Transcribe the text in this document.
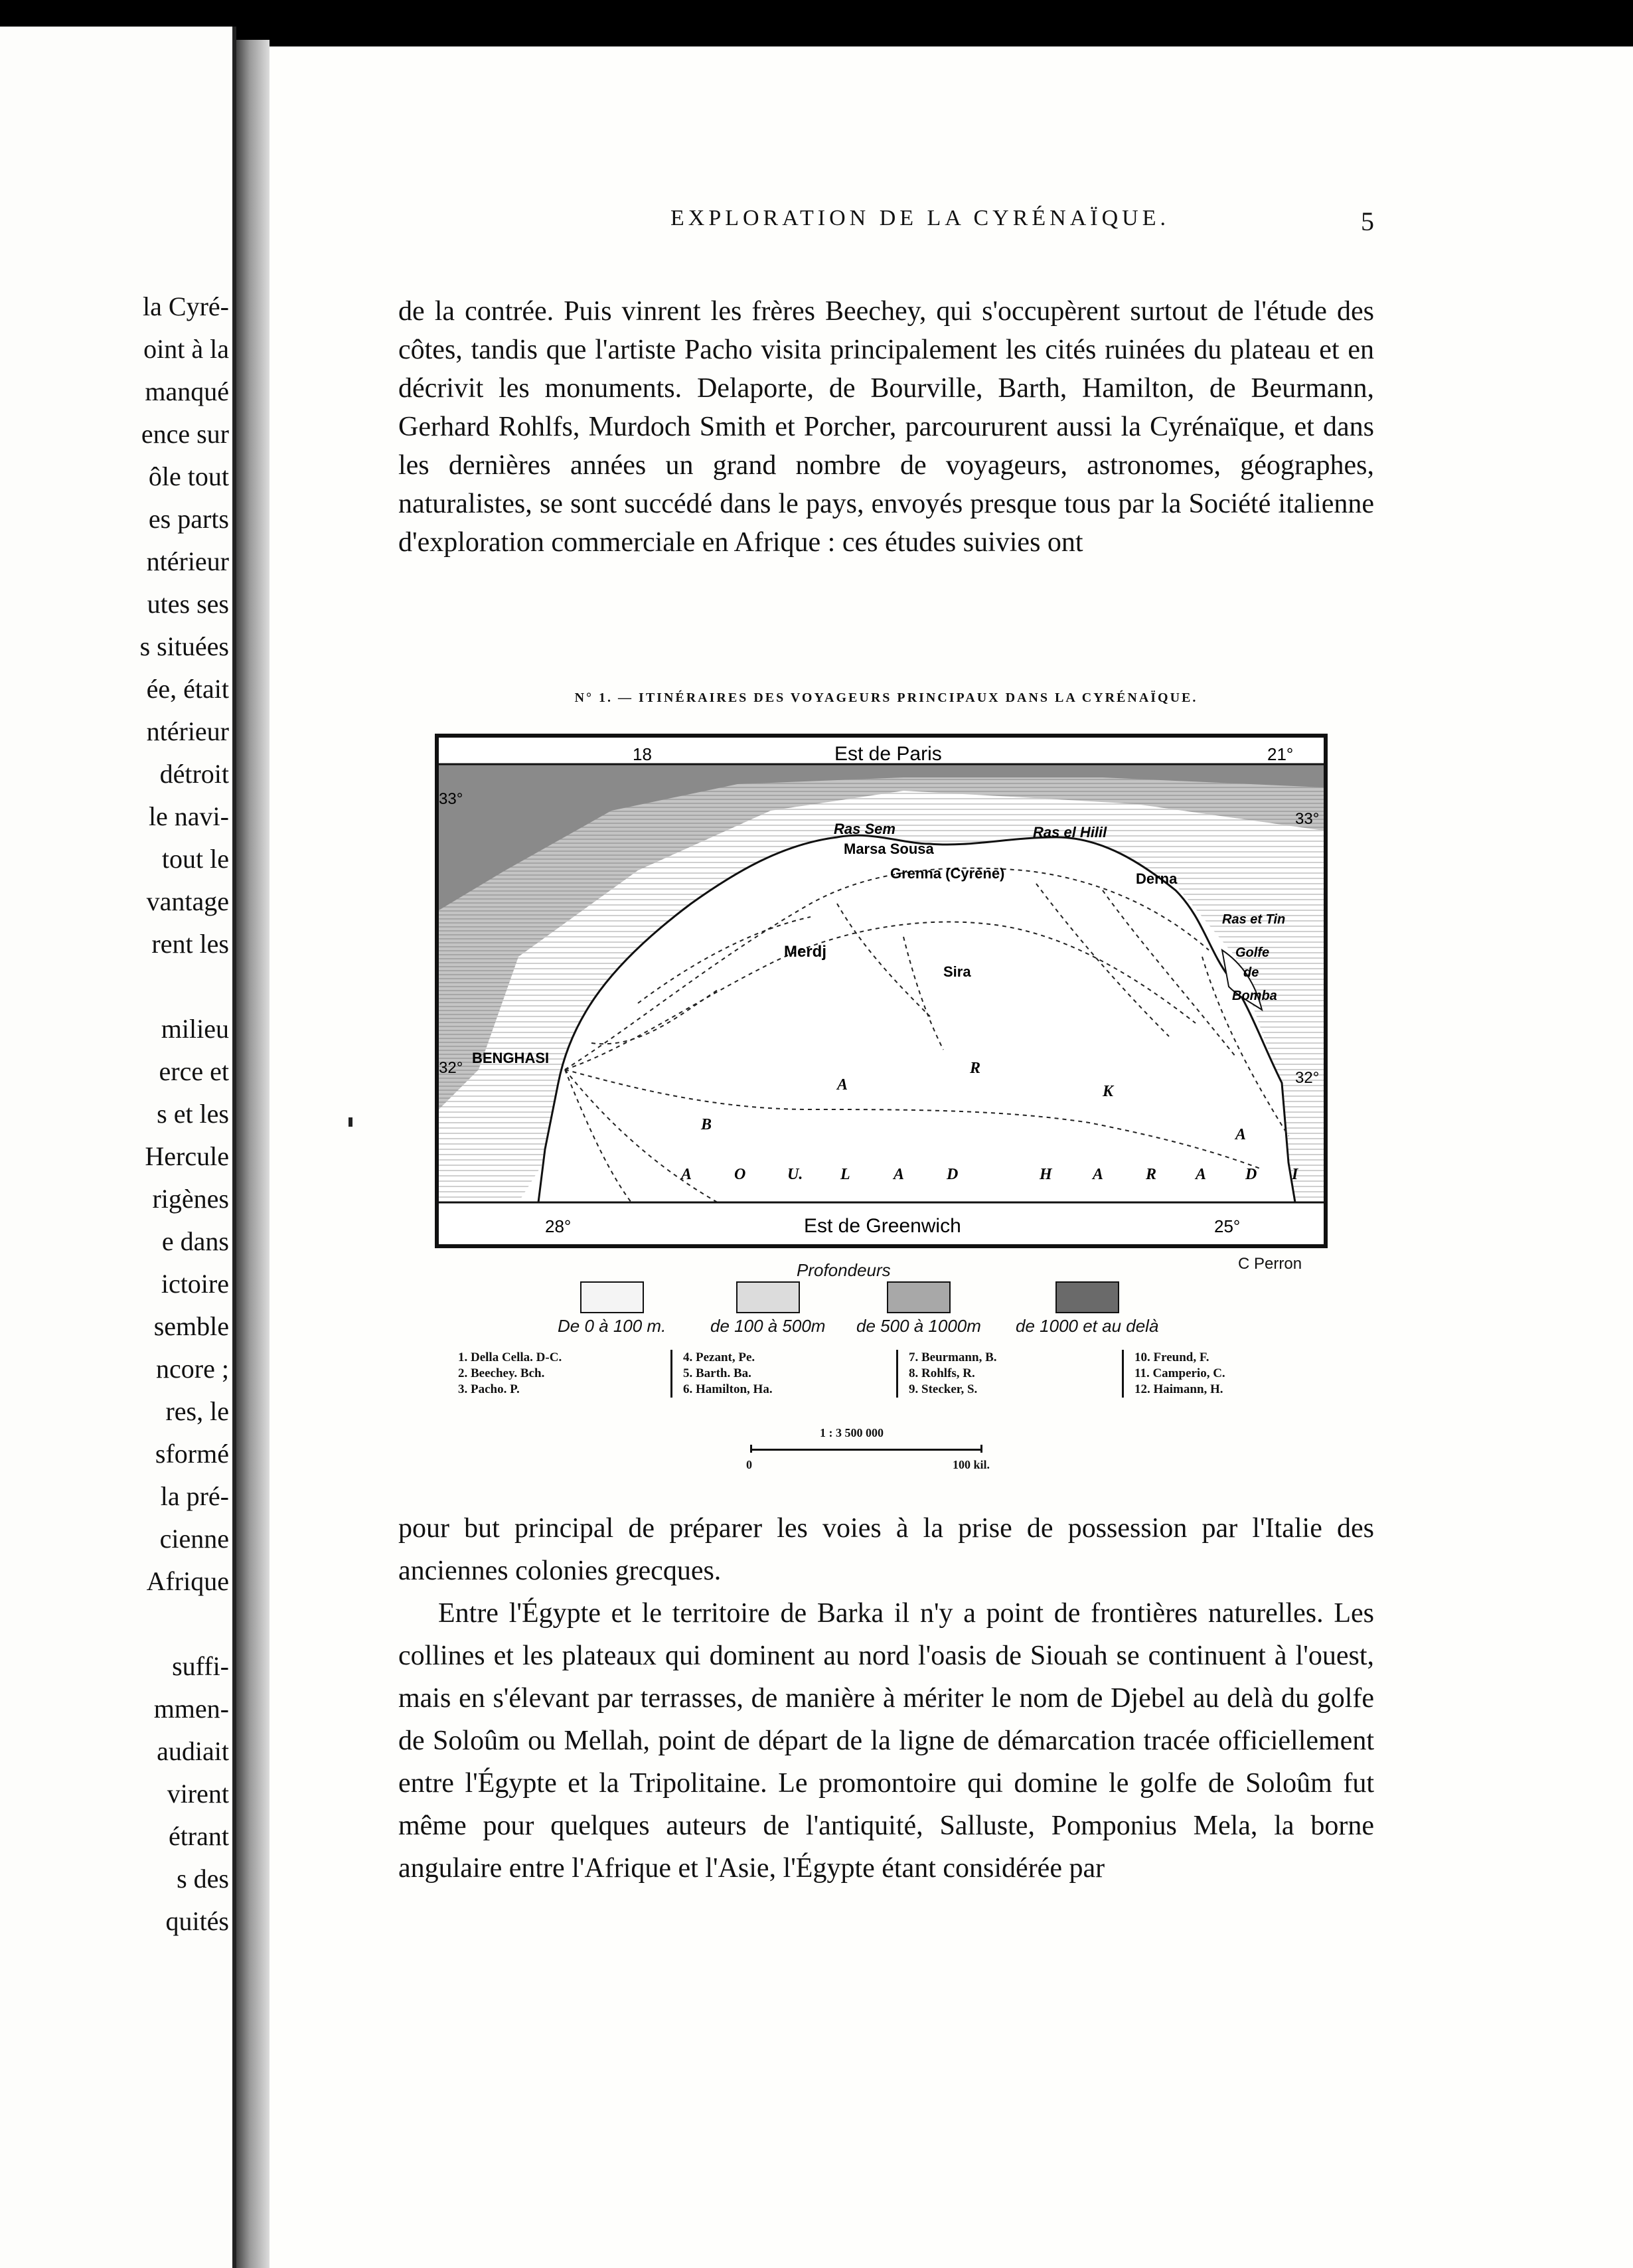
la Cyré-
oint à la
manqué
ence sur
ôle tout
es parts
ntérieur
utes ses
s situées
ée, était
ntérieur
détroit
le navi-
tout le
vantage
rent les

milieu
erce et
s et les
Hercule
rigènes
e dans
ictoire
semble
ncore ;
res, le
sformé
la pré-
cienne
Afrique

suffi-
mmen-
audiait
virent
étrant
s des
quités
EXPLORATION DE LA CYRÉNAÏQUE.	5

de la contrée. Puis vinrent les frères Beechey, qui s'occupèrent surtout de l'étude des côtes, tandis que l'artiste Pacho visita principalement les cités ruinées du plateau et en décrivit les monuments. Delaporte, de Bourville, Barth, Hamilton, de Beurmann, Gerhard Rohlfs, Murdoch Smith et Porcher, parcoururent aussi la Cyrénaïque, et dans les dernières années un grand nombre de voyageurs, astronomes, géographes, naturalistes, se sont succédé dans le pays, envoyés presque tous par la Société italienne d'exploration commerciale en Afrique : ces études suivies ont

N° 1. — ITINÉRAIRES DES VOYAGEURS PRINCIPAUX DANS LA CYRÉNAÏQUE.
18	21°
Est de Paris
33°
33°
32°
32°
28°	Est de Greenwich	25°
Ras Sem
Marsa Sousa
Grenna (Cyrène)
Ras el Hilil
Derna
Ras et Tin
Golfe
de
Bomba
Merdj
Sira
BENGHASI
A	K
B
R
A
A	O	U. L	A	D	Н	А	R A D I
C Perron
Profondeurs
De 0 à 100 m.	de 100 à 500m de 500 à 1000m de 1000 et au delà
1. Della Cella. D-C.
2. Beechey. Bch.
3. Pacho. P.
4. Pezant, Pe.
5. Barth. Ba.
6. Hamilton, Ha.
7. Beurmann, B.
8. Rohlfs, R.
9. Stecker, S.
10. Freund, F.
11. Camperio, C.
12. Haimann, H.
1 : 3 500 000
0	100 kil.

pour but principal de préparer les voies à la prise de possession par l'Italie des anciennes colonies grecques.

Entre l'Égypte et le territoire de Barka il n'y a point de frontières naturelles. Les collines et les plateaux qui dominent au nord l'oasis de Siouah se continuent à l'ouest, mais en s'élevant par terrasses, de manière à mériter le nom de Djebel au delà du golfe de Soloûm ou Mellah, point de départ de la ligne de démarcation tracée officiellement entre l'Égypte et la Tripolitaine. Le promontoire qui domine le golfe de Soloûm fut même pour quelques auteurs de l'antiquité, Salluste, Pomponius Mela, la borne angulaire entre l'Afrique et l'Asie, l'Égypte étant considérée par
